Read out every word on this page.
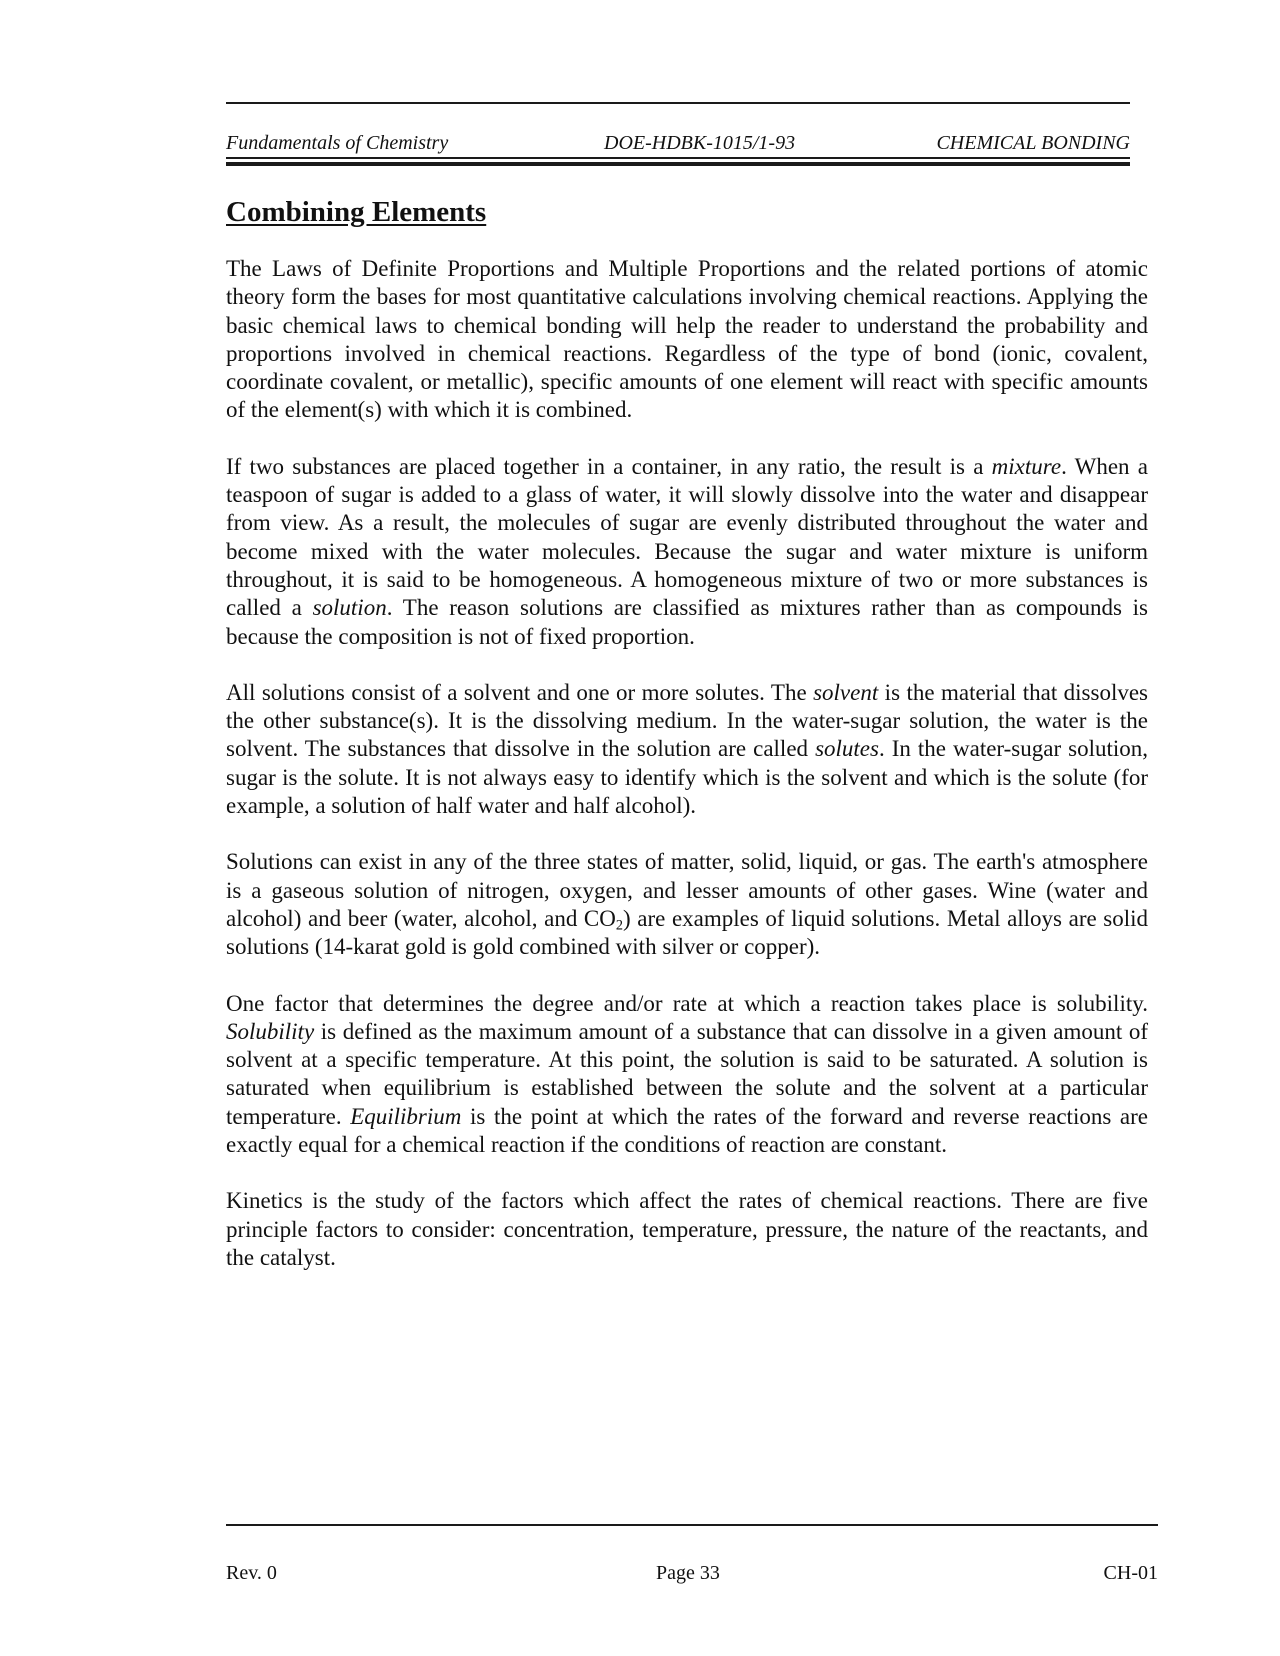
Fundamentals of Chemistry	DOE-HDBK-1015/1-93	CHEMICAL BONDING
Combining Elements

The Laws of Definite Proportions and Multiple Proportions and the related portions of atomic theory form the bases for most quantitative calculations involving chemical reactions. Applying the basic chemical laws to chemical bonding will help the reader to understand the probability and proportions involved in chemical reactions. Regardless of the type of bond (ionic, covalent, coordinate covalent, or metallic), specific amounts of one element will react with specific amounts of the element(s) with which it is combined.

If two substances are placed together in a container, in any ratio, the result is a mixture. When a teaspoon of sugar is added to a glass of water, it will slowly dissolve into the water and disappear from view. As a result, the molecules of sugar are evenly distributed throughout the water and become mixed with the water molecules. Because the sugar and water mixture is uniform throughout, it is said to be homogeneous. A homogeneous mixture of two or more substances is called a solution. The reason solutions are classified as mixtures rather than as compounds is because the composition is not of fixed proportion.

All solutions consist of a solvent and one or more solutes. The solvent is the material that dissolves the other substance(s). It is the dissolving medium. In the water-sugar solution, the water is the solvent. The substances that dissolve in the solution are called solutes. In the water-sugar solution, sugar is the solute. It is not always easy to identify which is the solvent and which is the solute (for example, a solution of half water and half alcohol).

Solutions can exist in any of the three states of matter, solid, liquid, or gas. The earth's atmosphere is a gaseous solution of nitrogen, oxygen, and lesser amounts of other gases. Wine (water and alcohol) and beer (water, alcohol, and $CO_2$) are examples of liquid solutions. Metal alloys are solid solutions (14-karat gold is gold combined with silver or copper).

One factor that determines the degree and/or rate at which a reaction takes place is solubility. Solubility is defined as the maximum amount of a substance that can dissolve in a given amount of solvent at a specific temperature. At this point, the solution is said to be saturated. A solution is saturated when equilibrium is established between the solute and the solvent at a particular temperature. Equilibrium is the point at which the rates of the forward and reverse reactions are exactly equal for a chemical reaction if the conditions of reaction are constant.

Kinetics is the study of the factors which affect the rates of chemical reactions. There are five principle factors to consider: concentration, temperature, pressure, the nature of the reactants, and the catalyst.

Rev. 0	Page 33	CH-01
